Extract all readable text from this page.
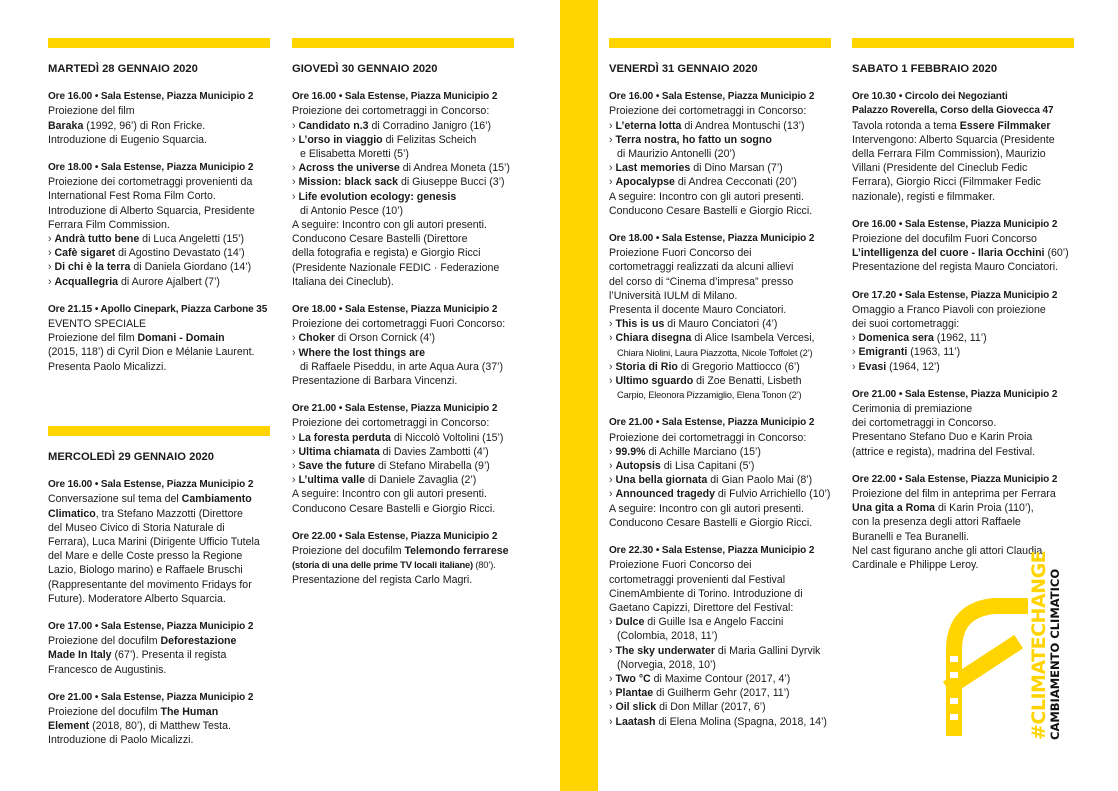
MARTEDÌ 28 GENNAIO 2020
Ore 16.00 • Sala Estense, Piazza Municipio 2
Proiezione del film
Baraka (1992, 96’) di Ron Fricke.
Introduzione di Eugenio Squarcia.
Ore 18.00 • Sala Estense, Piazza Municipio 2
Proiezione dei cortometraggi provenienti da
International Fest Roma Film Corto.
Introduzione di Alberto Squarcia, Presidente
Ferrara Film Commission.
› Andrà tutto bene di Luca Angeletti (15’)
› Cafè sigaret di Agostino Devastato (14’)
› Di chi è la terra di Daniela Giordano (14’)
› Acquallegria di Aurore Ajalbert (7’)
Ore 21.15 • Apollo Cinepark, Piazza Carbone 35
EVENTO SPECIALE
Proiezione del film Domani - Domain
(2015, 118’) di Cyril Dion e Mélanie Laurent.
Presenta Paolo Micalizzi.
MERCOLEDÌ 29 GENNAIO 2020
Ore 16.00 • Sala Estense, Piazza Municipio 2
Conversazione sul tema del Cambiamento
Climatico, tra Stefano Mazzotti (Direttore
del Museo Civico di Storia Naturale di
Ferrara), Luca Marini (Dirigente Ufficio Tutela
del Mare e delle Coste presso la Regione
Lazio, Biologo marino) e Raffaele Bruschi
(Rappresentante del movimento Fridays for
Future). Moderatore Alberto Squarcia.
Ore 17.00 • Sala Estense, Piazza Municipio 2
Proiezione del docufilm Deforestazione
Made In Italy (67’). Presenta il regista
Francesco de Augustinis.
Ore 21.00 • Sala Estense, Piazza Municipio 2
Proiezione del docufilm The Human
Element (2018, 80’), di Matthew Testa.
Introduzione di Paolo Micalizzi.
GIOVEDÌ 30 GENNAIO 2020
Ore 16.00 • Sala Estense, Piazza Municipio 2
Proiezione dei cortometraggi in Concorso:
› Candidato n.3 di Corradino Janigro (16’)
› L’orso in viaggio di Felizitas Scheich
e Elisabetta Moretti (5’)
› Across the universe di Andrea Moneta (15’)
› Mission: black sack di Giuseppe Bucci (3’)
› Life evolution ecology: genesis
di Antonio Pesce (10’)
A seguire: Incontro con gli autori presenti.
Conducono Cesare Bastelli (Direttore
della fotografia e regista) e Giorgio Ricci
(Presidente Nazionale FEDIC · Federazione
Italiana dei Cineclub).
Ore 18.00 • Sala Estense, Piazza Municipio 2
Proiezione dei cortometraggi Fuori Concorso:
› Choker di Orson Cornick (4’)
› Where the lost things are
di Raffaele Piseddu, in arte Aqua Aura (37’)
Presentazione di Barbara Vincenzi.
Ore 21.00 • Sala Estense, Piazza Municipio 2
Proiezione dei cortometraggi in Concorso:
› La foresta perduta di Niccolò Voltolini (15’)
› Ultima chiamata di Davies Zambotti (4’)
› Save the future di Stefano Mirabella (9’)
› L’ultima valle di Daniele Zavaglia (2’)
A seguire: Incontro con gli autori presenti.
Conducono Cesare Bastelli e Giorgio Ricci.
Ore 22.00 • Sala Estense, Piazza Municipio 2
Proiezione del docufilm Telemondo ferrarese
(storia di una delle prime TV locali italiane) (80’).
Presentazione del regista Carlo Magri.
VENERDÌ 31 GENNAIO 2020
Ore 16.00 • Sala Estense, Piazza Municipio 2
Proiezione dei cortometraggi in Concorso:
› L’eterna lotta di Andrea Montuschi (13’)
› Terra nostra, ho fatto un sogno
di Maurizio Antonelli (20’)
› Last memories di Dino Marsan (7’)
› Apocalypse di Andrea Cecconati (20’)
A seguire: Incontro con gli autori presenti.
Conducono Cesare Bastelli e Giorgio Ricci.
Ore 18.00 • Sala Estense, Piazza Municipio 2
Proiezione Fuori Concorso dei
cortometraggi realizzati da alcuni allievi
del corso di “Cinema d’impresa” presso
l’Università IULM di Milano.
Presenta il docente Mauro Conciatori.
› This is us di Mauro Conciatori (4’)
› Chiara disegna di Alice Isambela Vercesi,
Chiara Niolini, Laura Piazzotta, Nicole Toffolet (2’)
› Storia di Rio di Gregorio Mattiocco (6’)
› Ultimo sguardo di Zoe Benatti, Lisbeth
Carpio, Eleonora Pizzamiglio, Elena Tonon (2’)
Ore 21.00 • Sala Estense, Piazza Municipio 2
Proiezione dei cortometraggi in Concorso:
› 99.9% di Achille Marciano (15’)
› Autopsis di Lisa Capitani (5’)
› Una bella giornata di Gian Paolo Mai (8’)
› Announced tragedy di Fulvio Arrichiello (10’)
A seguire: Incontro con gli autori presenti.
Conducono Cesare Bastelli e Giorgio Ricci.
Ore 22.30 • Sala Estense, Piazza Municipio 2
Proiezione Fuori Concorso dei
cortometraggi provenienti dal Festival
CinemAmbiente di Torino. Introduzione di
Gaetano Capizzi, Direttore del Festival:
› Dulce di Guille Isa e Angelo Faccini
(Colombia, 2018, 11’)
› The sky underwater di Maria Gallini Dyrvik
(Norvegia, 2018, 10’)
› Two °C di Maxime Contour (2017, 4’)
› Plantae di Guilherm Gehr (2017, 11’)
› Oil slick di Don Millar (2017, 6’)
› Laatash di Elena Molina (Spagna, 2018, 14’)
SABATO 1 FEBBRAIO 2020
Ore 10.30 • Circolo dei Negozianti
Palazzo Roverella, Corso della Giovecca 47
Tavola rotonda a tema Essere Filmmaker
Intervengono: Alberto Squarcia (Presidente
della Ferrara Film Commission), Maurizio
Villani (Presidente del Cineclub Fedic
Ferrara), Giorgio Ricci (Filmmaker Fedic
nazionale), registi e filmmaker.
Ore 16.00 • Sala Estense, Piazza Municipio 2
Proiezione del docufilm Fuori Concorso
L’intelligenza del cuore - Ilaria Occhini (60’)
Presentazione del regista Mauro Conciatori.
Ore 17.20 • Sala Estense, Piazza Municipio 2
Omaggio a Franco Piavoli con proiezione
dei suoi cortometraggi:
› Domenica sera (1962, 11’)
› Emigranti (1963, 11’)
› Evasi (1964, 12’)
Ore 21.00 • Sala Estense, Piazza Municipio 2
Cerimonia di premiazione
dei cortometraggi in Concorso.
Presentano Stefano Duo e Karin Proia
(attrice e regista), madrina del Festival.
Ore 22.00 • Sala Estense, Piazza Municipio 2
Proiezione del film in anteprima per Ferrara
Una gita a Roma di Karin Proia (110’),
con la presenza degli attori Raffaele
Buranelli e Tea Buranelli.
Nel cast figurano anche gli attori Claudia
Cardinale e Philippe Leroy.	#CLIMATECHANGE
CAMBIAMENTO CLIMATICO
